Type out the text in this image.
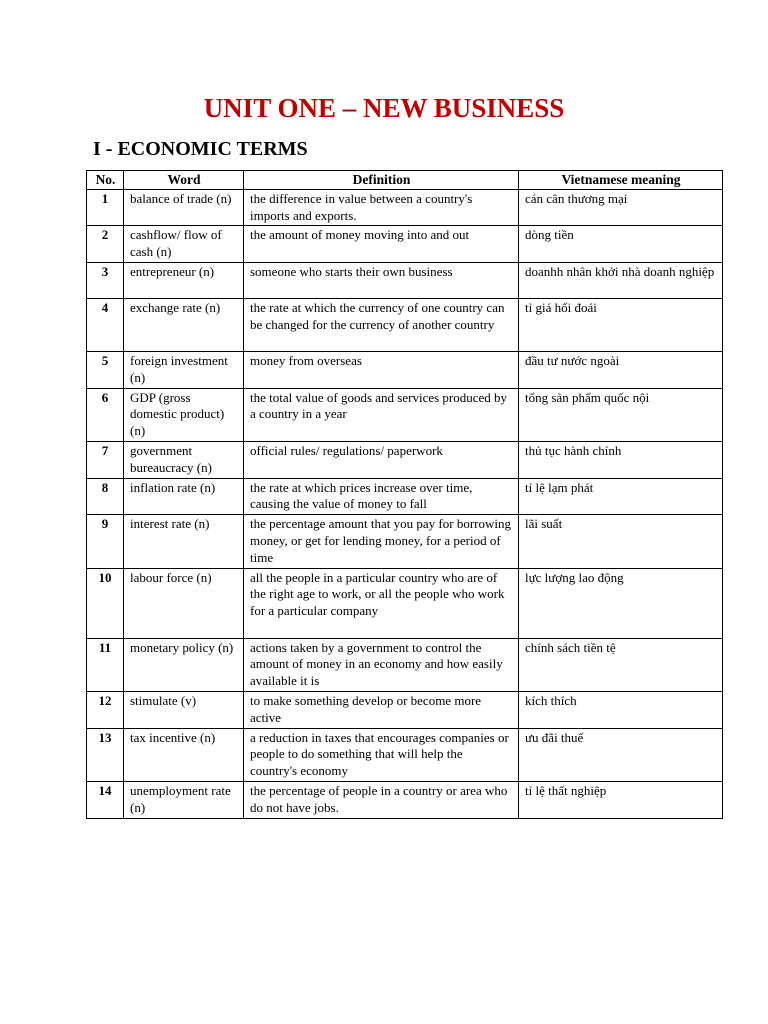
UNIT ONE – NEW BUSINESS
I - ECONOMIC TERMS
No.	Word	Definition	Vietnamese meaning
1	balance of trade (n)	the difference in value between a country's imports and exports.	cán cân thương mại
2	cashflow/ flow of cash (n)	the amount of money moving into and out	dòng tiền
3	entrepreneur (n)	someone who starts their own business	doanhh nhân khởi nhà doanh nghiệp
4	exchange rate (n)	the rate at which the currency of one country can be changed for the currency of another country	tỉ giá hối đoái
5	foreign investment (n)	money from overseas	đầu tư nước ngoài
6	GDP (gross domestic product) (n)	the total value of goods and services produced by a country in a year	tổng sản phẩm quốc nội
7	government bureaucracy (n)	official rules/ regulations/ paperwork	thủ tục hành chính
8	inflation rate (n)	the rate at which prices increase over time, causing the value of money to fall	tỉ lệ lạm phát
9	interest rate (n)	the percentage amount that you pay for borrowing money, or get for lending money, for a period of time	lãi suất
10	labour force (n)	all the people in a particular country who are of the right age to work, or all the people who work for a particular company	lực lượng lao động
11	monetary policy (n)	actions taken by a government to control the amount of money in an economy and how easily available it is	chính sách tiền tệ
12	stimulate (v)	to make something develop or become more active	kích thích
13	tax incentive (n)	a reduction in taxes that encourages companies or people to do something that will help the country's economy	ưu đãi thuế
14	unemployment rate (n)	the percentage of people in a country or area who do not have jobs.	tỉ lệ thất nghiệp
